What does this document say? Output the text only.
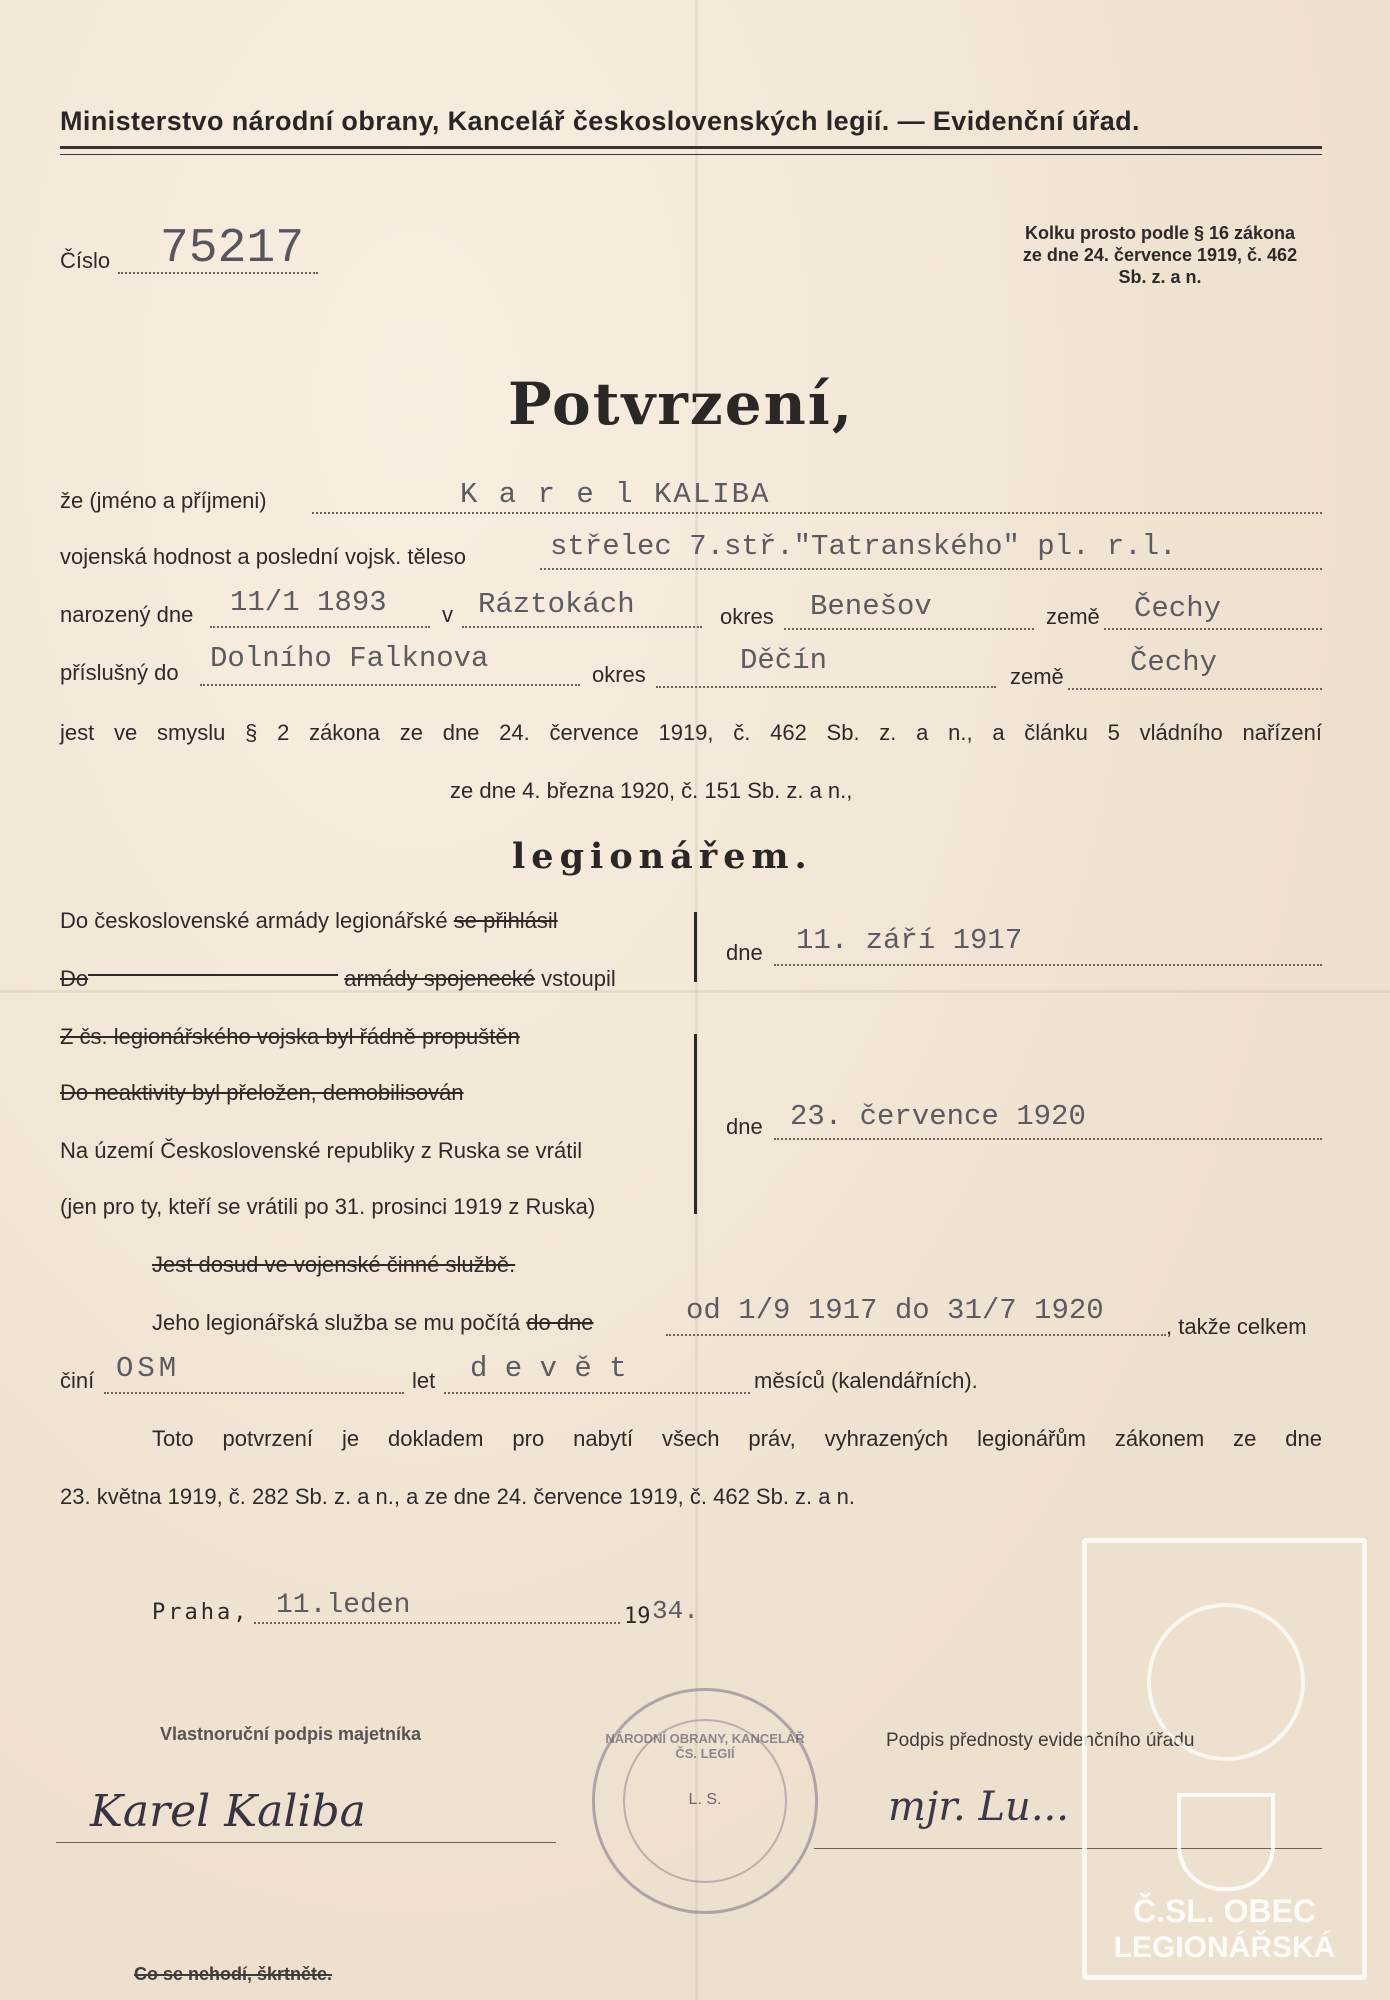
Ministerstvo národní obrany, Kancelář československých legií. — Evidenční úřad.
Číslo 75217	Kolku prosto podle § 16 zákona
ze dne 24. července 1919, č. 462
Sb. z. a n.
Potvrzení,
že (jméno a příjmeni)	K a r e l KALIBA
vojenská hodnost a poslední vojsk. těleso	střelec 7.stř."Tatranského" pl. r.l.
narozený dne 11/1 1893	v Ráztokách	okres Benešov	země Čechy
příslušný do Dolního Falknova	okres	Děčín	země Čechy
jest ve smyslu § 2 zákona ze dne 24. července 1919, č. 462 Sb. z. a n., a článku 5 vládního nařízení
ze dne 4. března 1920, č. 151 Sb. z. a n.,
legionářem.
Do československé armády legionářské se přihlásil
Do	armády spojenecké vstoupil
dne 11. září 1917
Z čs. legionářského vojska byl řádně propuštěn
Do neaktivity byl přeložen, demobilisován
Na území Československé republiky z Ruska se vrátil
(jen pro ty, kteří se vrátili po 31. prosinci 1919 z Ruska)
dne 23. července 1920
Jest dosud ve vojenské činné službě.
Jeho legionářská služba se mu počítá do dne	od 1/9 1917 do 31/7 1920	, takže celkem
činí OSM	let d e v ě t	měsíců (kalendářních).
Toto potvrzení je dokladem pro nabytí všech práv, vyhrazených legionářům zákonem ze dne
23. května 1919, č. 282 Sb. z. a n., a ze dne 24. července 1919, č. 462 Sb. z. a n.
Praha, 11.leden	19 34.
Vlastnoruční podpis majetníka
Karel Kaliba
NÁRODNÍ OBRANY, KANCELÁŘ ČS. LEGIÍ
L. S.
Podpis přednosty evidenčního úřadu
mjr. Lu...
Co se nehodí, škrtněte.
Č.SL. OBEC
LEGIONÁŘSKÁ
